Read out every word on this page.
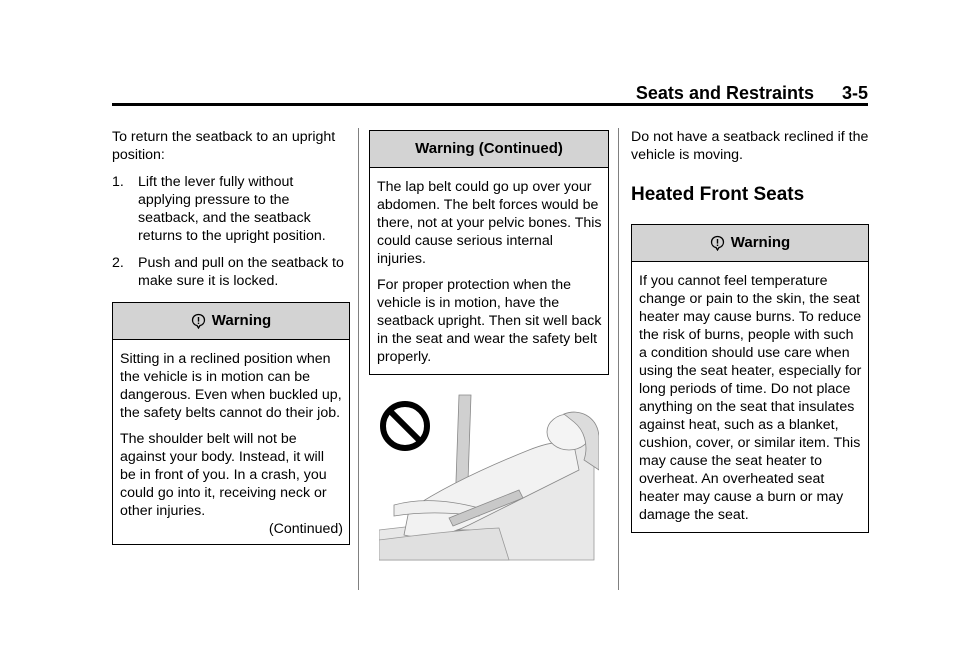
Seats and Restraints 3-5

To return the seatback to an upright position:

1. Lift the lever fully without applying pressure to the seatback, and the seatback returns to the upright position.
2. Push and pull on the seatback to make sure it is locked.
Warning

Sitting in a reclined position when the vehicle is in motion can be dangerous. Even when buckled up, the safety belts cannot do their job.

The shoulder belt will not be against your body. Instead, it will be in front of you. In a crash, you could go into it, receiving neck or other injuries.

(Continued)
Warning (Continued)

The lap belt could go up over your abdomen. The belt forces would be there, not at your pelvic bones. This could cause serious internal injuries.

For proper protection when the vehicle is in motion, have the seatback upright. Then sit well back in the seat and wear the safety belt properly.

Do not have a seatback reclined if the vehicle is moving.

Heated Front Seats
Warning

If you cannot feel temperature change or pain to the skin, the seat heater may cause burns. To reduce the risk of burns, people with such a condition should use care when using the seat heater, especially for long periods of time. Do not place anything on the seat that insulates against heat, such as a blanket, cushion, cover, or similar item. This may cause the seat heater to overheat. An overheated seat heater may cause a burn or may damage the seat.
